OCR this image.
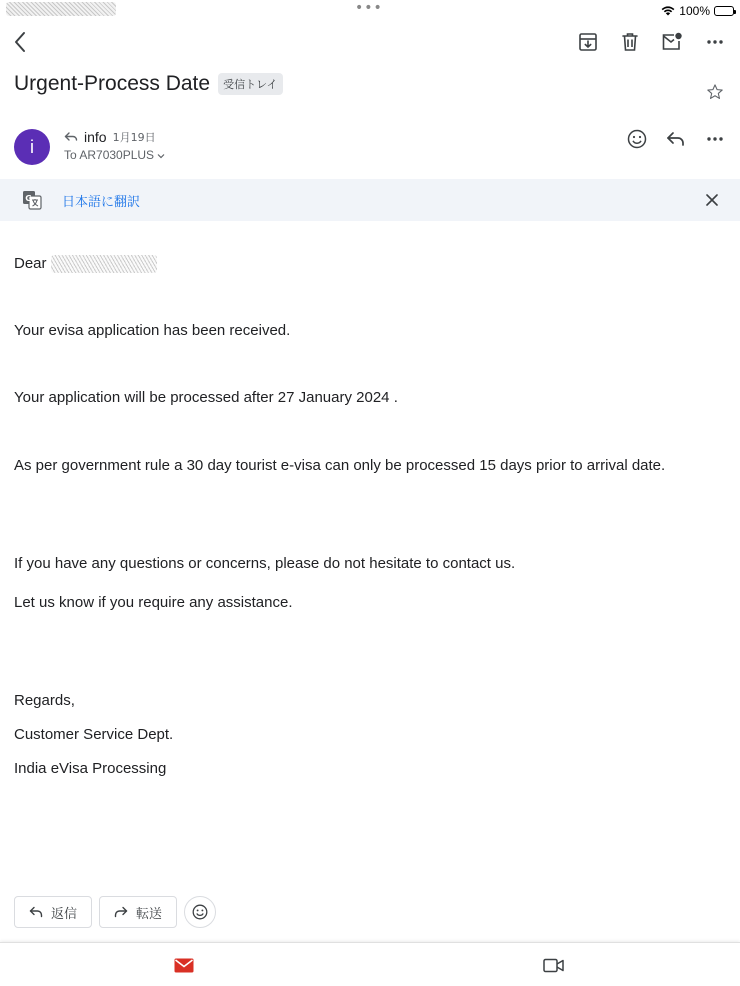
•••	100%
Urgent-Process Date	受信トレイ
i	info 1月19日
To AR7030PLUS
G 日本語に翻訳
Dear
Your evisa application has been received.
Your application will be processed after 27 January 2024 .
As per government rule a 30 day tourist e-visa can only be processed 15 days prior to arrival date.
If you have any questions or concerns, please do not hesitate to contact us.
Let us know if you require any assistance.
Regards,
Customer Service Dept.
India eVisa Processing
返信	転送
